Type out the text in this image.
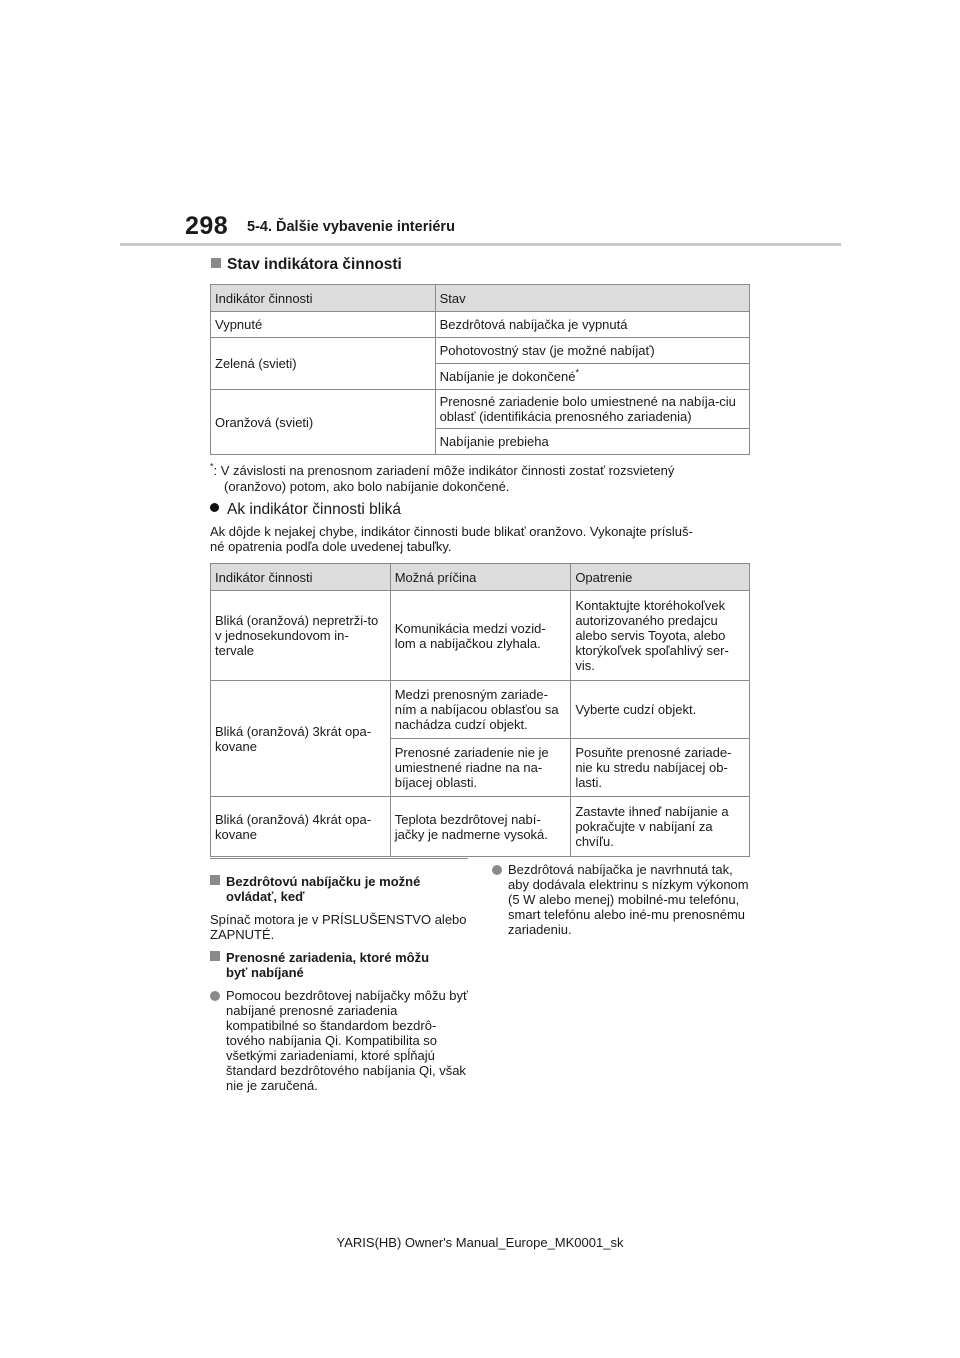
298 5-4. Ďalšie vybavenie interiéru
Stav indikátora činnosti
Indikátor činnosti	Stav
Vypnuté	Bezdrôtová nabíjačka je vypnutá
Zelená (svieti)	Pohotovostný stav (je možné nabíjať)
	Nabíjanie je dokončené*
Oranžová (svieti)	Prenosné zariadenie bolo umiestnené na nabíja-ciu oblasť (identifikácia prenosného zariadenia)
	Nabíjanie prebieha
*: V závislosti na prenosnom zariadení môže indikátor činnosti zostať rozsvietený
(oranžovo) potom, ako bolo nabíjanie dokončené.
Ak indikátor činnosti bliká
Ak dôjde k nejakej chybe, indikátor činnosti bude blikať oranžovo. Vykonajte prísluš-
né opatrenia podľa dole uvedenej tabuľky.
Indikátor činnosti	Možná príčina	Opatrenie
Bliká (oranžová) nepretrži-to v jednosekundovom in-tervale	Komunikácia medzi vozid-lom a nabíjačkou zlyhala.	Kontaktujte ktoréhokoľvek autorizovaného predajcu alebo servis Toyota, alebo ktorýkoľvek spoľahlivý ser-vis.
Bliká (oranžová) 3krát opa-kovane	Medzi prenosným zariade-ním a nabíjacou oblasťou sa nachádza cudzí objekt.	Vyberte cudzí objekt.
	Prenosné zariadenie nie je umiestnené riadne na na-bíjacej oblasti.	Posuňte prenosné zariade-nie ku stredu nabíjacej ob-lasti.
Bliká (oranžová) 4krát opa-kovane	Teplota bezdrôtovej nabí-jačky je nadmerne vysoká.	Zastavte ihneď nabíjanie a pokračujte v nabíjaní za chvíľu.
Bezdrôtovú nabíjačku je možné
ovládať, keď
Spínač motora je v PRÍSLUŠENSTVO alebo ZAPNUTÉ.
Prenosné zariadenia, ktoré môžu
byť nabíjané
Pomocou bezdrôtovej nabíjačky môžu byť nabíjané prenosné zariadenia kompatibilné so štandardom bezdrô-tového nabíjania Qi. Kompatibilita so všetkými zariadeniami, ktoré spĺňajú štandard bezdrôtového nabíjania Qi, však nie je zaručená.
Bezdrôtová nabíjačka je navrhnutá tak, aby dodávala elektrinu s nízkym výkonom (5 W alebo menej) mobilné-mu telefónu, smart telefónu alebo iné-mu prenosnému zariadeniu.
YARIS(HB) Owner's Manual_Europe_MK0001_sk
